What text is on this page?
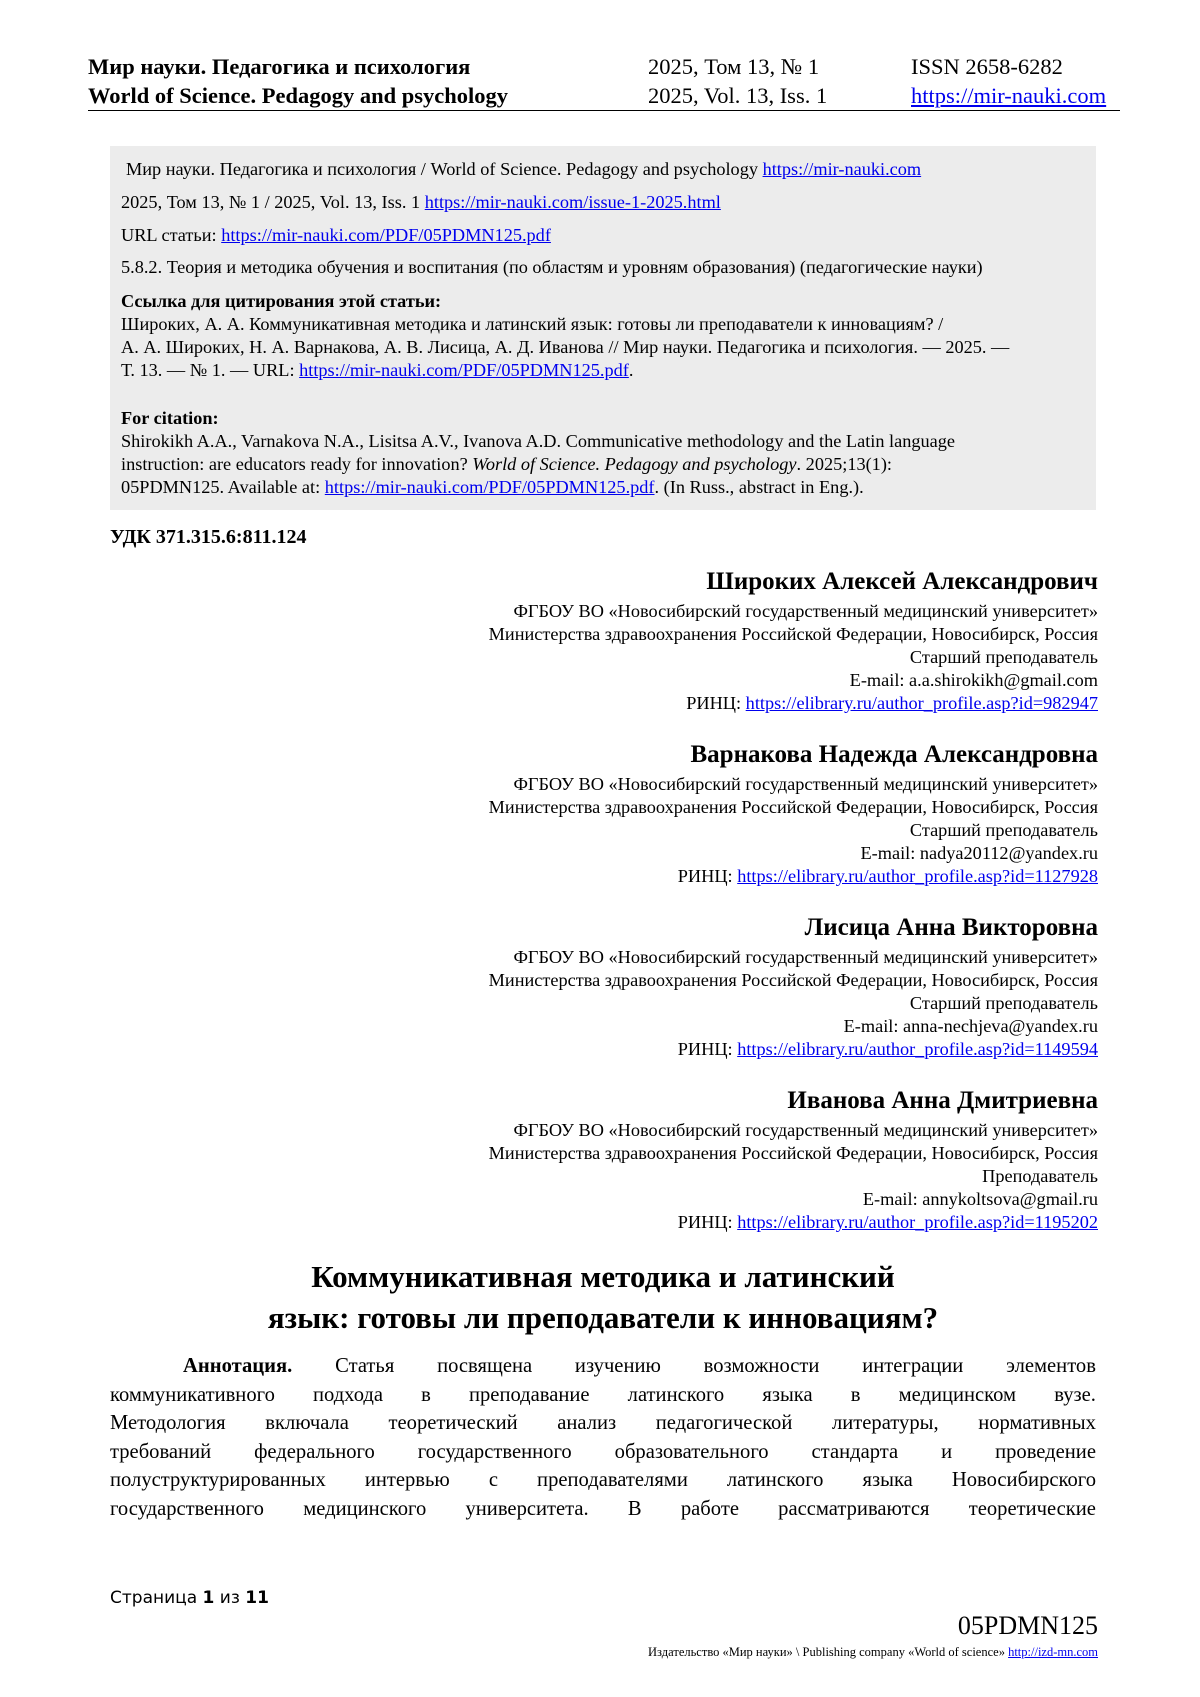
Мир науки. Педагогика и психология
World of Science. Pedagogy and psychology
2025, Том 13, № 1
2025, Vol. 13, Iss. 1
ISSN 2658-6282
https://mir-nauki.com
Мир науки. Педагогика и психология / World of Science. Pedagogy and psychology https://mir-nauki.com
2025, Том 13, № 1 / 2025, Vol. 13, Iss. 1 https://mir-nauki.com/issue-1-2025.html
URL статьи: https://mir-nauki.com/PDF/05PDMN125.pdf
5.8.2. Теория и методика обучения и воспитания (по областям и уровням образования) (педагогические науки)
Ссылка для цитирования этой статьи:
Широких, А. А. Коммуникативная методика и латинский язык: готовы ли преподаватели к инновациям? /
А. А. Широких, Н. А. Варнакова, А. В. Лисица, А. Д. Иванова // Мир науки. Педагогика и психология. — 2025. —
Т. 13. — № 1. — URL: https://mir-nauki.com/PDF/05PDMN125.pdf.
For citation:
Shirokikh A.A., Varnakova N.A., Lisitsa A.V., Ivanova A.D. Communicative methodology and the Latin language
instruction: are educators ready for innovation? World of Science. Pedagogy and psychology. 2025;13(1):
05PDMN125. Available at: https://mir-nauki.com/PDF/05PDMN125.pdf. (In Russ., abstract in Eng.).
УДК 371.315.6:811.124
Широких Алексей Александрович
ФГБОУ ВО «Новосибирский государственный медицинский университет»
Министерства здравоохранения Российской Федерации, Новосибирск, Россия
Старший преподаватель
E-mail: a.a.shirokikh@gmail.com
РИНЦ: https://elibrary.ru/author_profile.asp?id=982947
Варнакова Надежда Александровна
ФГБОУ ВО «Новосибирский государственный медицинский университет»
Министерства здравоохранения Российской Федерации, Новосибирск, Россия
Старший преподаватель
E-mail: nadya20112@yandex.ru
РИНЦ: https://elibrary.ru/author_profile.asp?id=1127928
Лисица Анна Викторовна
ФГБОУ ВО «Новосибирский государственный медицинский университет»
Министерства здравоохранения Российской Федерации, Новосибирск, Россия
Старший преподаватель
E-mail: anna-nechjeva@yandex.ru
РИНЦ: https://elibrary.ru/author_profile.asp?id=1149594
Иванова Анна Дмитриевна
ФГБОУ ВО «Новосибирский государственный медицинский университет»
Министерства здравоохранения Российской Федерации, Новосибирск, Россия
Преподаватель
E-mail: annykoltsova@gmail.ru
РИНЦ: https://elibrary.ru/author_profile.asp?id=1195202
Коммуникативная методика и латинский
язык: готовы ли преподаватели к инновациям?
Аннотация. Статья посвящена изучению возможности интеграции элементов
коммуникативного подхода в преподавание латинского языка в медицинском вузе.
Методология включала теоретический анализ педагогической литературы, нормативных
требований федерального государственного образовательного стандарта и проведение
полуструктурированных интервью с преподавателями латинского языка Новосибирского
государственного медицинского университета. В работе рассматриваются теоретические
Страница 1 из 11
05PDMN125
Издательство «Мир науки» \ Publishing company «World of science» http://izd-mn.com
